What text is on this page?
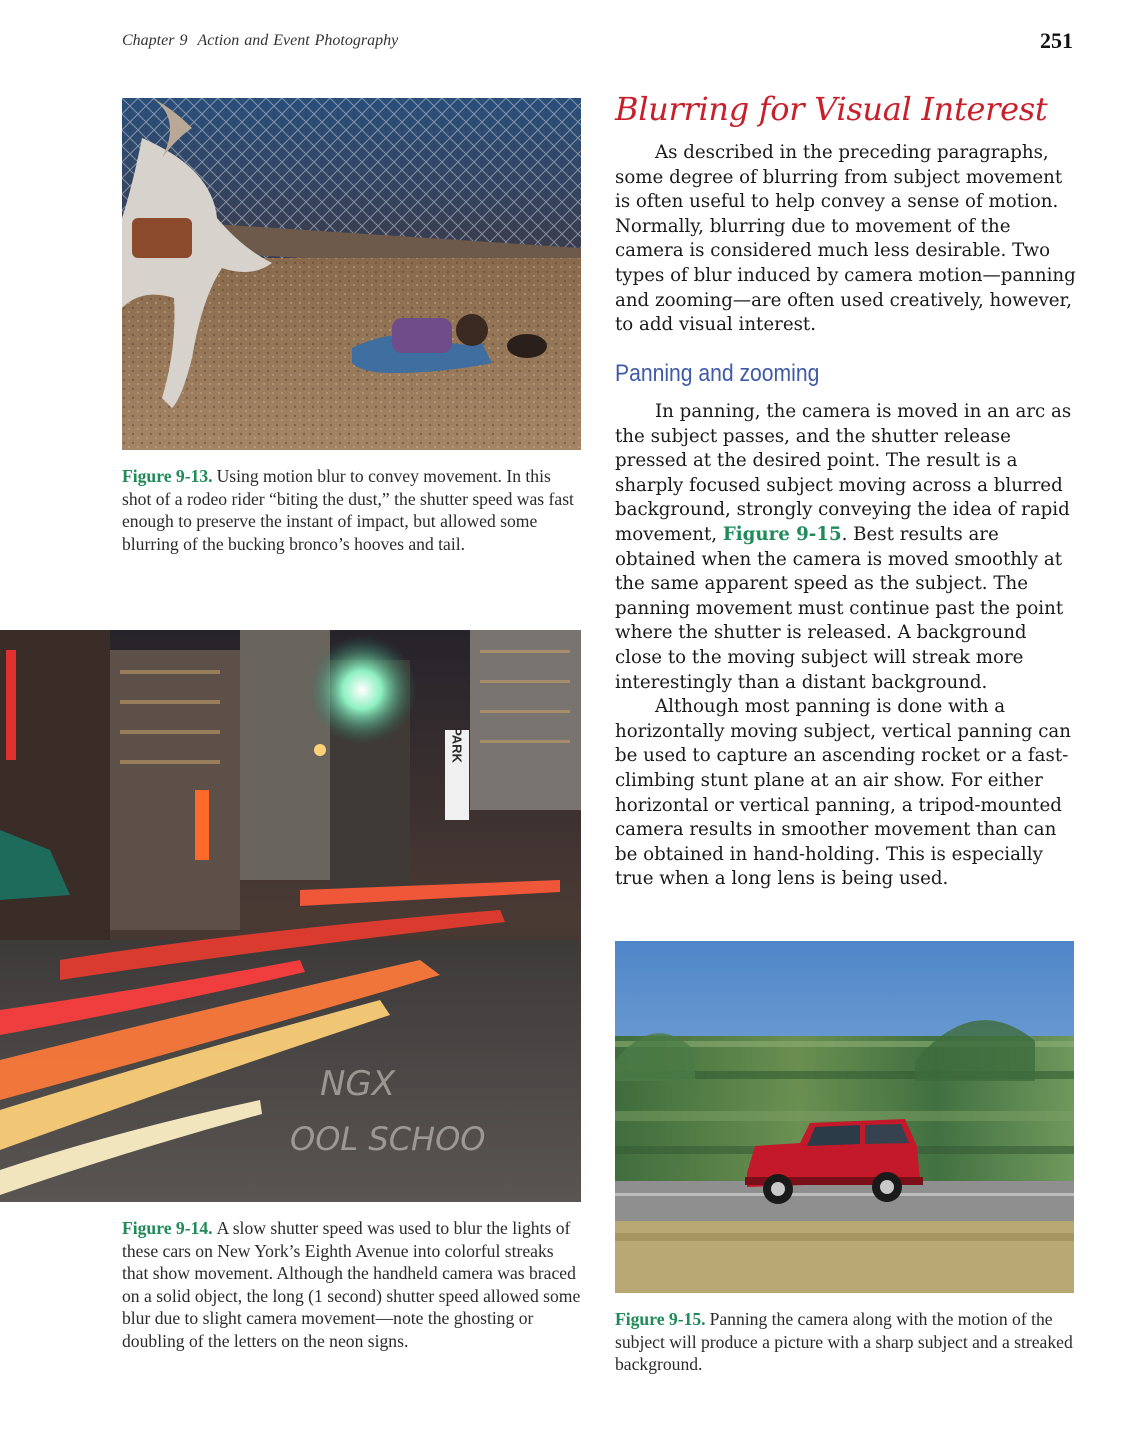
Chapter 9 Action and Event Photography	251
Figure 9-13. Using motion blur to convey movement. In this shot of a rodeo rider “biting the dust,” the shutter speed was fast enough to preserve the instant of impact, but allowed some blurring of the bucking bronco’s hooves and tail.
PARK
NGX
OOL SCHOO
Figure 9-14. A slow shutter speed was used to blur the lights of these cars on New York’s Eighth Avenue into colorful streaks that show movement. Although the handheld camera was braced on a solid object, the long (1 second) shutter speed allowed some blur due to slight camera movement—note the ghosting or doubling of the letters on the neon signs.
Blurring for Visual Interest

As described in the preceding paragraphs, some degree of blurring from subject movement is often useful to help convey a sense of motion. Normally, blurring due to movement of the camera is considered much less desirable. Two types of blur induced by camera motion—panning and zooming—are often used creatively, however, to add visual interest.

Panning and zooming

In panning, the camera is moved in an arc as the subject passes, and the shutter release pressed at the desired point. The result is a sharply focused subject moving across a blurred background, strongly conveying the idea of rapid movement, Figure 9-15. Best results are obtained when the camera is moved smoothly at the same apparent speed as the subject. The panning movement must continue past the point where the shutter is released. A background close to the moving subject will streak more interestingly than a distant background.

Although most panning is done with a horizontally moving subject, vertical panning can be used to capture an ascending rocket or a fast-climbing stunt plane at an air show. For either horizontal or vertical panning, a tripod-mounted camera results in smoother movement than can be obtained in hand-holding. This is especially true when a long lens is being used.

Figure 9-15. Panning the camera along with the motion of the subject will produce a picture with a sharp subject and a streaked background.
